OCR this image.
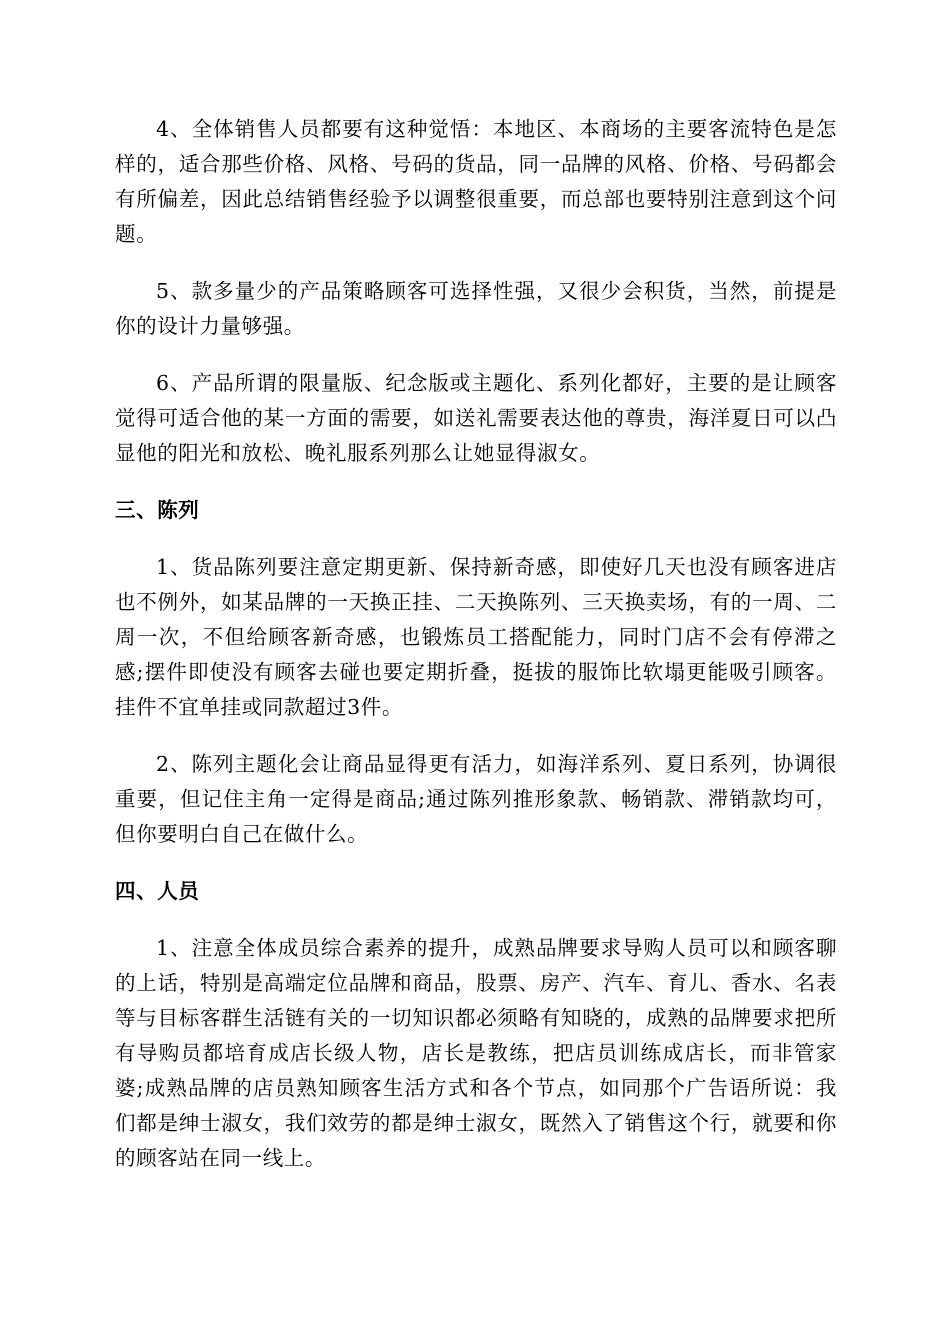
4、全体销售人员都要有这种觉悟：本地区、本商场的主要客流特色是怎样的，适合那些价格、风格、号码的货品，同一品牌的风格、价格、号码都会有所偏差，因此总结销售经验予以调整很重要，而总部也要特别注意到这个问题。

5、款多量少的产品策略顾客可选择性强，又很少会积货，当然，前提是你的设计力量够强。

6、产品所谓的限量版、纪念版或主题化、系列化都好，主要的是让顾客觉得可适合他的某一方面的需要，如送礼需要表达他的尊贵，海洋夏日可以凸显他的阳光和放松、晚礼服系列那么让她显得淑女。

三、陈列

1、货品陈列要注意定期更新、保持新奇感，即使好几天也没有顾客进店也不例外，如某品牌的一天换正挂、二天换陈列、三天换卖场，有的一周、二周一次，不但给顾客新奇感，也锻炼员工搭配能力，同时门店不会有停滞之感;摆件即使没有顾客去碰也要定期折叠，挺拔的服饰比软塌更能吸引顾客。挂件不宜单挂或同款超过3件。

2、陈列主题化会让商品显得更有活力，如海洋系列、夏日系列，协调很重要，但记住主角一定得是商品;通过陈列推形象款、畅销款、滞销款均可，但你要明白自己在做什么。

四、人员

1、注意全体成员综合素养的提升，成熟品牌要求导购人员可以和顾客聊的上话，特别是高端定位品牌和商品，股票、房产、汽车、育儿、香水、名表等与目标客群生活链有关的一切知识都必须略有知晓的，成熟的品牌要求把所有导购员都培育成店长级人物，店长是教练，把店员训练成店长，而非管家婆;成熟品牌的店员熟知顾客生活方式和各个节点，如同那个广告语所说：我们都是绅士淑女，我们效劳的都是绅士淑女，既然入了销售这个行，就要和你的顾客站在同一线上。
